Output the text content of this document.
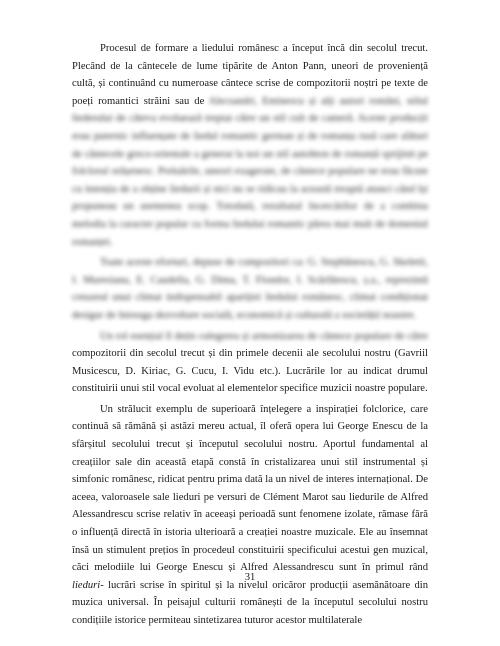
Procesul de formare a liedului românesc a început încă din secolul trecut. Plecând de la cântecele de lume tipărite de Anton Pann, uneori de proveniență cultă, și continuând cu numeroase cântece scrise de compozitorii noștri pe texte de poeți romantici străini sau de Alecsandri, Eminescu și alți autori români, stilul liederului de câteva evoluează treptat către un stil cult de cameră. Aceste producții erau puternic influențate de liedul romantic german și de romanța rusă care alături de cântecele greco-orientale a generat la noi un stil autohton de romanță sprijinit pe folclorul orășenesc. Preluările, uneori exagerate, de cântece populare ne erau fãcute cu intenția de a obține liedurii și nici nu se ridicau la această treaptă atunci când își propuneau un asemenea scop. Totodată, rezultatul încercărilor de a combina melodia la caracter popular cu forma liedului romantic părea mai mult de domeniul romanței.

Toate aceste eforturi, depuse de compozitori ca: G. Stephănescu, G. Skeletti, I. Muresianu, E. Caudella, G. Dima, T. Flondor, I. Scărlătescu, ș.a., reprezintă creuzeul unui climat indispensabil apariției liedului românesc, climat condiționat desigur de întreaga dezvoltare socială, economică și culturală a societății noastre.

Un rol esențial îl dețin culegerea și armonizarea de cântece populare de către compozitorii din secolul trecut și din primele decenii ale secolului nostru (Gavriil Musicescu, D. Kiriac, G. Cucu, I. Vidu etc.). Lucrările lor au indicat drumul constituirii unui stil vocal evoluat al elementelor specifice muzicii noastre populare.

Un strălucit exemplu de superioară înțelegere a inspirației folclorice, care continuă să rămână și astăzi mereu actual, îl oferă opera lui George Enescu de la sfârșitul secolului trecut și începutul secolului nostru. Aportul fundamental al creațiilor sale din această etapă constă în cristalizarea unui stil instrumental și simfonic românesc, ridicat pentru prima dată la un nivel de interes internațional. De aceea, valoroasele sale lieduri pe versuri de Clément Marot sau liedurile de Alfred Alessandrescu scrise relativ în aceeași perioadă sunt fenomene izolate, rămase fără o influență directă în istoria ulterioară a creației noastre muzicale. Ele au însemnat însă un stimulent prețios în procedeul constituirii specificului acestui gen muzical, căci melodiile lui George Enescu și Alfred Alessandrescu sunt în primul rând lieduri- lucrări scrise în spiritul și la nivelul oricăror producții asemănătoare din muzica universal. În peisajul culturii românești de la începutul secolului nostru condițiile istorice permiteau sintetizarea tuturor acestor multilaterale

31
